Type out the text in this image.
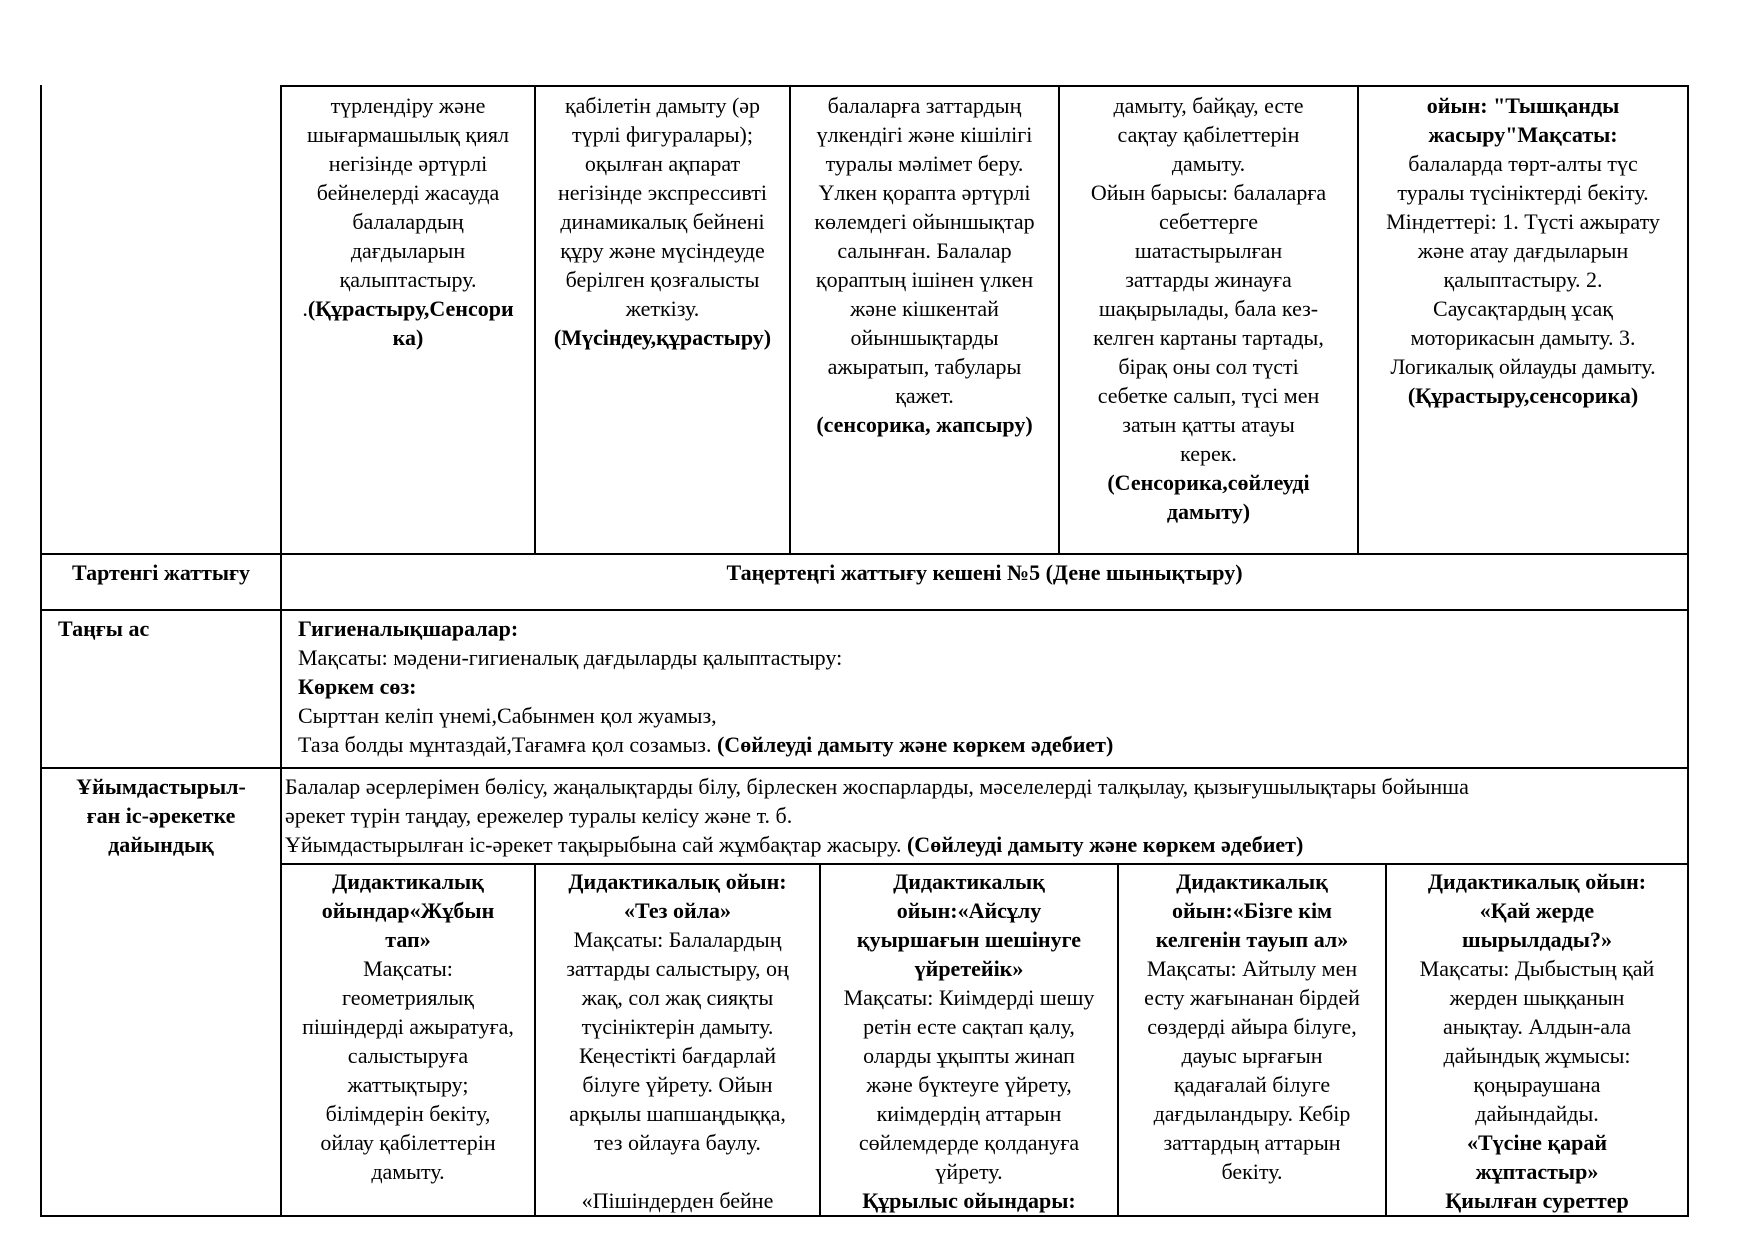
түрлендіру және
шығармашылық қиял
негізінде әртүрлі
бейнелерді жасауда
балалардың
дағдыларын
қалыптастыру.
.(Құрастыру,Сенсори
ка)
қабілетін дамыту (әр
түрлі фигуралары);
оқылған ақпарат
негізінде экспрессивті
динамикалық бейнені
құру және мүсіндеуде
берілген қозғалысты
жеткізу.
(Мүсіндеу,құрастыру)
балаларға заттардың
үлкендігі және кішілігі
туралы мәлімет беру.
Үлкен қорапта әртүрлі
көлемдегі ойыншықтар
салынған. Балалар
қораптың ішінен үлкен
және кішкентай
ойыншықтарды
ажыратып, табулары
қажет.
(сенсорика, жапсыру)
дамыту, байқау, есте
сақтау қабілеттерін
дамыту.
Ойын барысы: балаларға
себеттерге
шатастырылған
заттарды жинауға
шақырылады, бала кез-
келген картаны тартады,
бірақ оны сол түсті
себетке салып, түсі мен
затын қатты атауы
керек.
(Сенсорика,сөйлеуді
дамыту)
ойын: "Тышқанды
жасыру"Мақсаты:
балаларда төрт-алты түс
туралы түсініктерді бекіту.
Міндеттері: 1. Түсті ажырату
және атау дағдыларын
қалыптастыру. 2.
Саусақтардың ұсақ
моторикасын дамыту. 3.
Логикалық ойлауды дамыту.
(Құрастыру,сенсорика)
Тартенгі жаттығу	Таңертеңгі жаттығу кешені №5 (Дене шынықтыру)
Таңғы ас	Гигиеналықшаралар:
Мақсаты: мәдени-гигиеналық дағдыларды қалыптастыру:
Көркем сөз:
Сырттан келіп үнемі,Сабынмен қол жуамыз,
Таза болды мұнтаздай,Тағамға қол созамыз. (Сөйлеуді дамыту және көркем әдебиет)
Ұйымдастырыл-
ған іс-әрекетке
дайындық
Балалар әсерлерімен бөлісу, жаңалықтарды білу, бірлескен жоспарларды, мәселелерді талқылау, қызығушылықтары бойынша
әрекет түрін таңдау, ережелер туралы келісу және т. б.
Ұйымдастырылған іс-әрекет тақырыбына сай жұмбақтар жасыру. (Сөйлеуді дамыту және көркем әдебиет)
Дидактикалық
ойындар«Жұбын
тап»
Мақсаты:
геометриялық
пішіндерді ажыратуға,
салыстыруға
жаттықтыру;
білімдерін бекіту,
ойлау қабілеттерін
дамыту.
Дидактикалық ойын:
«Тез ойла»
Мақсаты: Балалардың
заттарды салыстыру, оң
жақ, сол жақ сияқты
түсініктерін дамыту.
Кеңестікті бағдарлай
білуге үйрету. Ойын
арқылы шапшаңдыққа,
тез ойлауға баулу.
«Пішіндерден бейне
Дидактикалық
ойын:«Айсұлу
қуыршағын шешінуге
үйретейік»
Мақсаты: Киімдерді шешу
ретін есте сақтап қалу,
оларды ұқыпты жинап
және бүктеуге үйрету,
киімдердің аттарын
сөйлемдерде қолдануға
үйрету.
Құрылыс ойындары:
Дидактикалық
ойын:«Бізге кім
келгенін тауып ал»
Мақсаты: Айтылу мен
есту жағынанан бірдей
сөздерді айыра білуге,
дауыс ырғағын
қадағалай білуге
дағдыландыру. Кебір
заттардың аттарын
бекіту.
Дидактикалық ойын:
«Қай жерде
шырылдады?»
Мақсаты: Дыбыстың қай
жерден шыққанын
анықтау. Алдын-ала
дайындық жұмысы:
қоңыраушана
дайындайды.
«Түсіне қарай
жұптастыр»
Қиылған суреттер
